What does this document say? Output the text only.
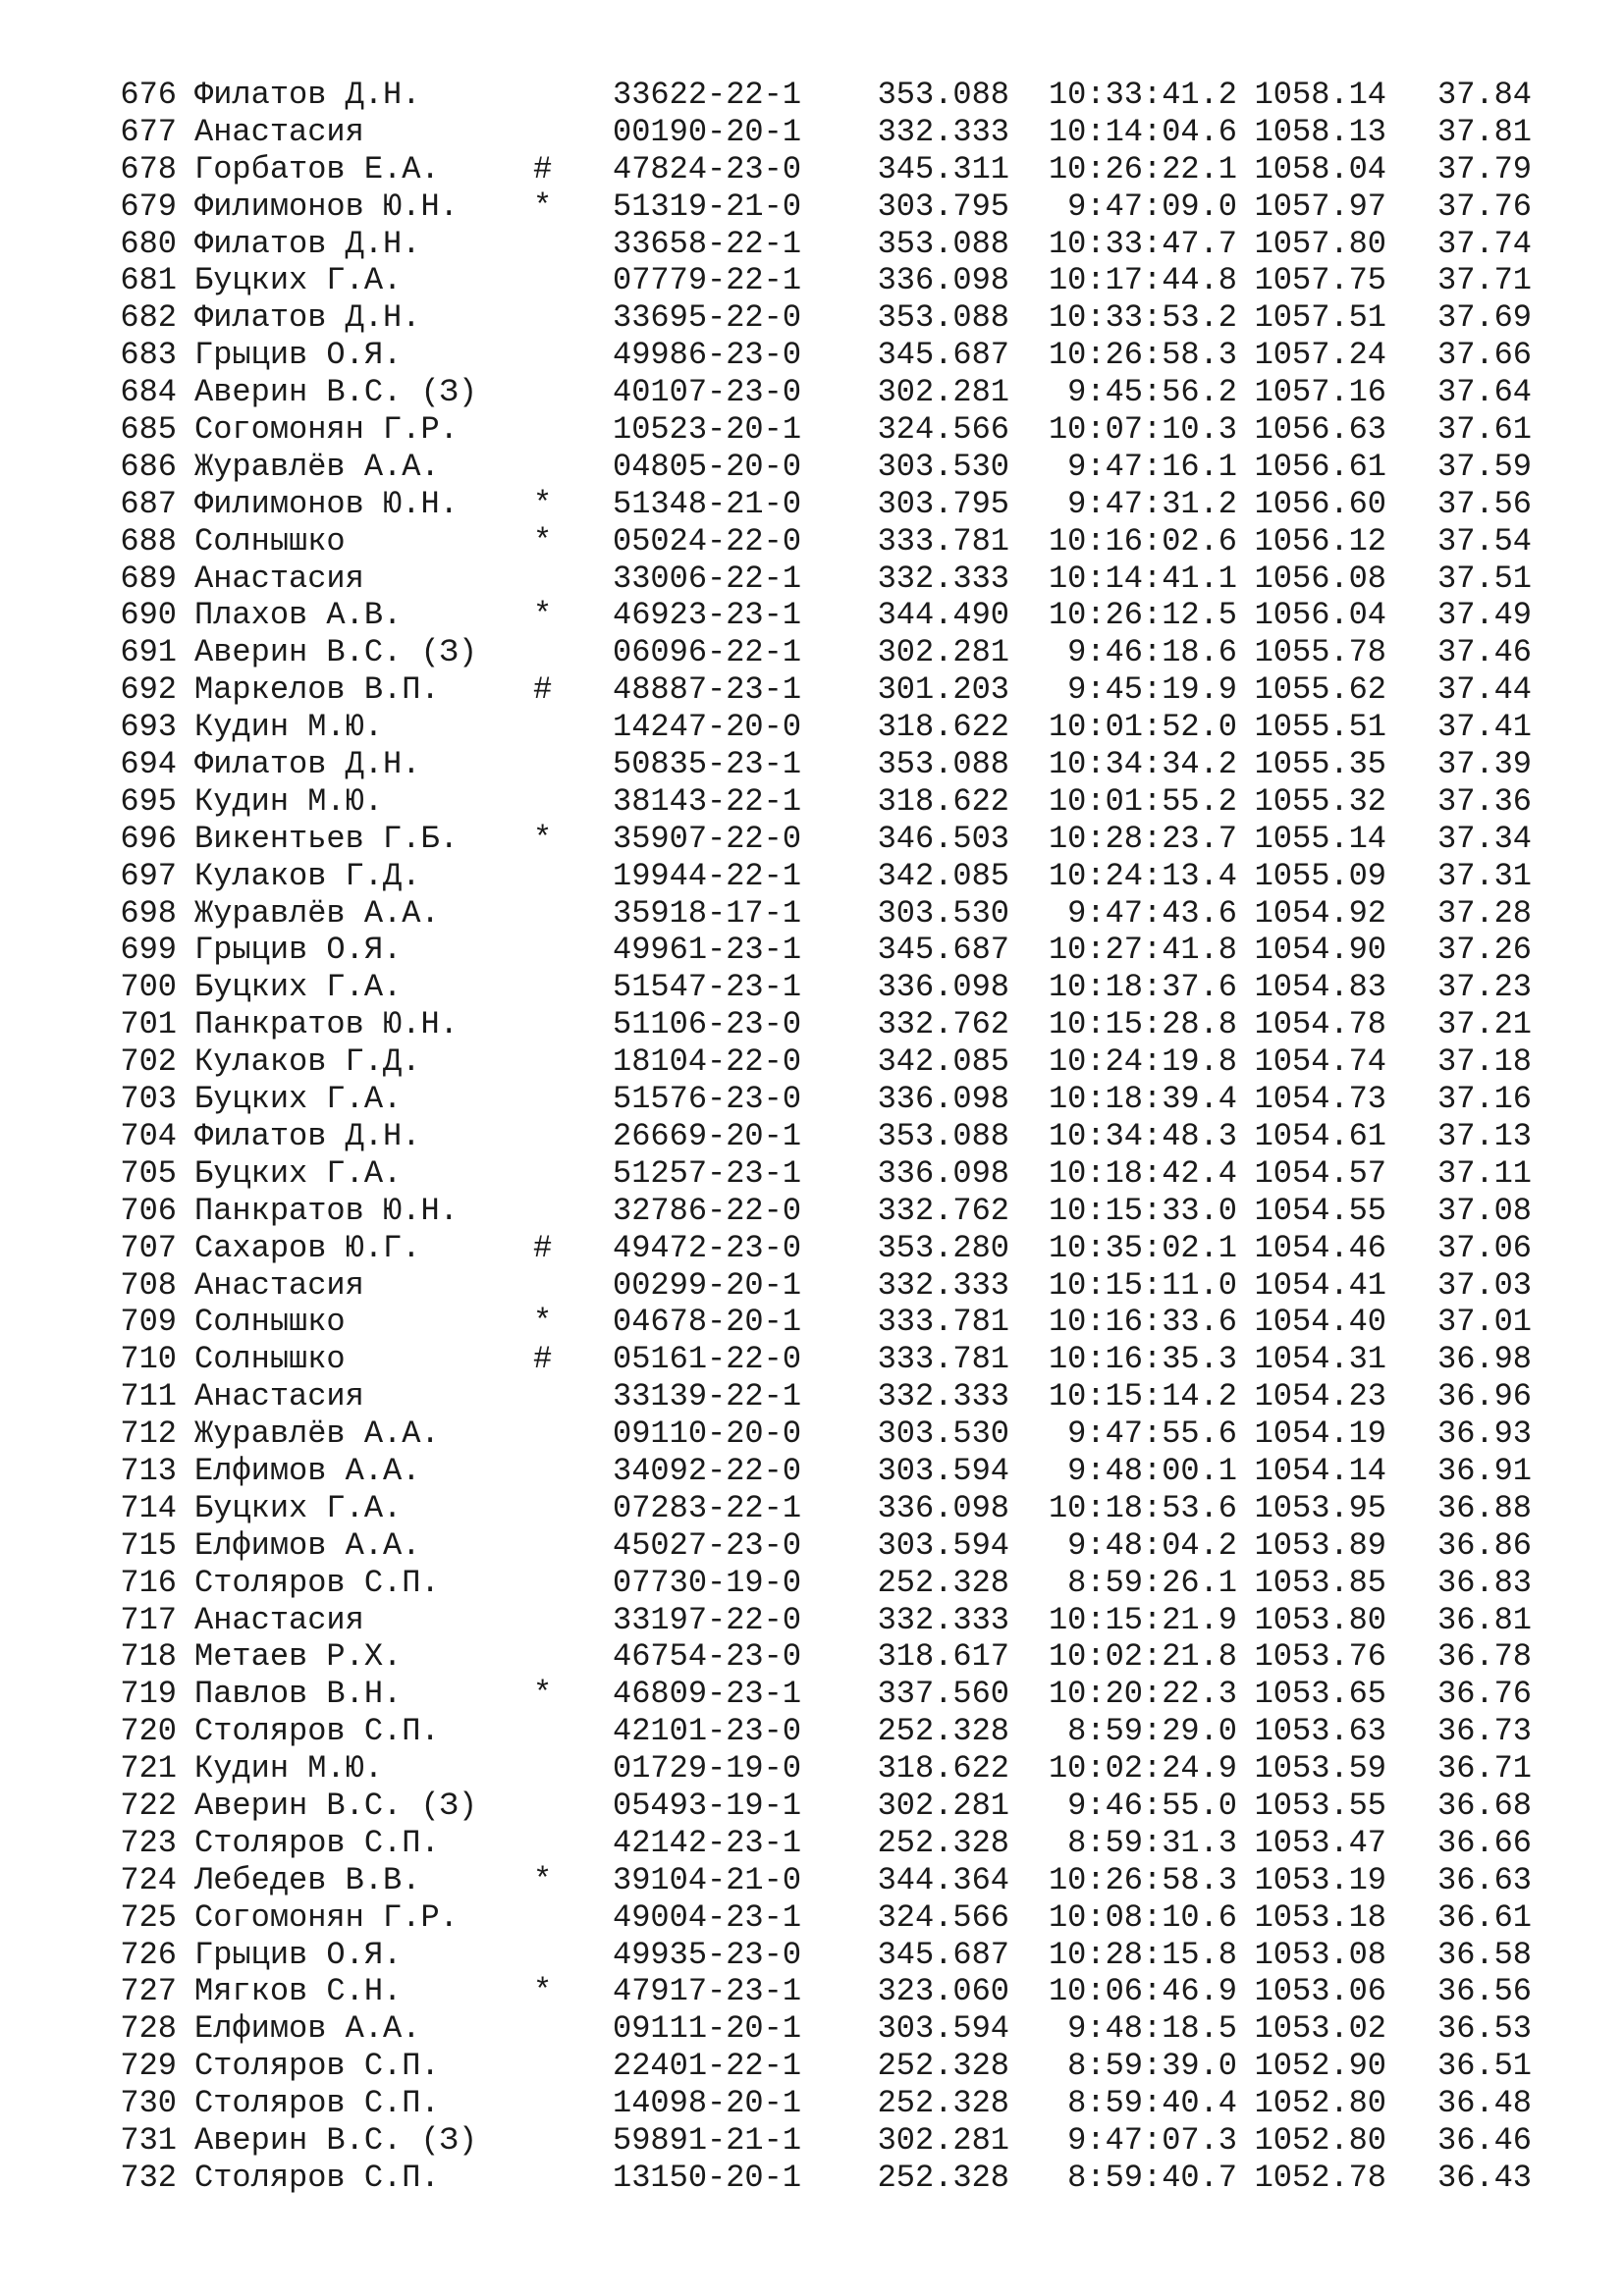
676 Филатов Д.Н.	33622-22-1 353.088	10:33:41.2 1058.14	37.84
677 Анастасия	00190-20-1 332.333	10:14:04.6 1058.13	37.81
678 Горбатов Е.А.	# 47824-23-0 345.311	10:26:22.1 1058.04	37.79
679 Филимонов Ю.Н. * 51319-21-0 303.795	9:47:09.0 1057.97	37.76
680 Филатов Д.Н.	33658-22-1 353.088	10:33:47.7 1057.80	37.74
681 Буцких Г.А.	07779-22-1 336.098	10:17:44.8 1057.75	37.71
682 Филатов Д.Н.	33695-22-0 353.088	10:33:53.2 1057.51	37.69
683 Грыцив О.Я.	49986-23-0 345.687	10:26:58.3 1057.24	37.66
684 Аверин В.С. (З)	40107-23-0 302.281	9:45:56.2 1057.16	37.64
685 Согомонян Г.Р.	10523-20-1 324.566	10:07:10.3 1056.63	37.61
686 Журавлёв А.А.	04805-20-0 303.530	9:47:16.1 1056.61	37.59
687 Филимонов Ю.Н. * 51348-21-0 303.795	9:47:31.2 1056.60	37.56
688 Солнышко	* 05024-22-0 333.781	10:16:02.6 1056.12	37.54
689 Анастасия	33006-22-1 332.333	10:14:41.1 1056.08	37.51
690 Плахов А.В.	* 46923-23-1 344.490	10:26:12.5 1056.04	37.49
691 Аверин В.С. (З)	06096-22-1 302.281	9:46:18.6 1055.78	37.46
692 Маркелов В.П.	# 48887-23-1 301.203	9:45:19.9 1055.62	37.44
693 Кудин М.Ю.	14247-20-0 318.622	10:01:52.0 1055.51	37.41
694 Филатов Д.Н.	50835-23-1 353.088	10:34:34.2 1055.35	37.39
695 Кудин М.Ю.	38143-22-1 318.622	10:01:55.2 1055.32	37.36
696 Викентьев Г.Б. * 35907-22-0 346.503	10:28:23.7 1055.14	37.34
697 Кулаков Г.Д.	19944-22-1 342.085	10:24:13.4 1055.09	37.31
698 Журавлёв А.А.	35918-17-1 303.530	9:47:43.6 1054.92	37.28
699 Грыцив О.Я.	49961-23-1 345.687	10:27:41.8 1054.90	37.26
700 Буцких Г.А.	51547-23-1 336.098	10:18:37.6 1054.83	37.23
701 Панкратов Ю.Н.	51106-23-0 332.762	10:15:28.8 1054.78	37.21
702 Кулаков Г.Д.	18104-22-0 342.085	10:24:19.8 1054.74	37.18
703 Буцких Г.А.	51576-23-0 336.098	10:18:39.4 1054.73	37.16
704 Филатов Д.Н.	26669-20-1 353.088	10:34:48.3 1054.61	37.13
705 Буцких Г.А.	51257-23-1 336.098	10:18:42.4 1054.57	37.11
706 Панкратов Ю.Н.	32786-22-0 332.762	10:15:33.0 1054.55	37.08
707 Сахаров Ю.Г.	# 49472-23-0 353.280	10:35:02.1 1054.46	37.06
708 Анастасия	00299-20-1 332.333	10:15:11.0 1054.41	37.03
709 Солнышко	* 04678-20-1 333.781	10:16:33.6 1054.40	37.01
710 Солнышко	# 05161-22-0 333.781	10:16:35.3 1054.31	36.98
711 Анастасия	33139-22-1 332.333	10:15:14.2 1054.23	36.96
712 Журавлёв А.А.	09110-20-0 303.530	9:47:55.6 1054.19	36.93
713 Елфимов А.А.	34092-22-0 303.594	9:48:00.1 1054.14	36.91
714 Буцких Г.А.	07283-22-1 336.098	10:18:53.6 1053.95	36.88
715 Елфимов А.А.	45027-23-0 303.594	9:48:04.2 1053.89	36.86
716 Столяров С.П.	07730-19-0 252.328	8:59:26.1 1053.85	36.83
717 Анастасия	33197-22-0 332.333	10:15:21.9 1053.80	36.81
718 Метаев Р.Х.	46754-23-0 318.617	10:02:21.8 1053.76	36.78
719 Павлов В.Н.	* 46809-23-1 337.560	10:20:22.3 1053.65	36.76
720 Столяров С.П.	42101-23-0 252.328	8:59:29.0 1053.63	36.73
721 Кудин М.Ю.	01729-19-0 318.622	10:02:24.9 1053.59	36.71
722 Аверин В.С. (З)	05493-19-1 302.281	9:46:55.0 1053.55	36.68
723 Столяров С.П.	42142-23-1 252.328	8:59:31.3 1053.47	36.66
724 Лебедев В.В.	* 39104-21-0 344.364	10:26:58.3 1053.19	36.63
725 Согомонян Г.Р.	49004-23-1 324.566	10:08:10.6 1053.18	36.61
726 Грыцив О.Я.	49935-23-0 345.687	10:28:15.8 1053.08	36.58
727 Мягков С.Н.	* 47917-23-1 323.060	10:06:46.9 1053.06	36.56
728 Елфимов А.А.	09111-20-1 303.594	9:48:18.5 1053.02	36.53
729 Столяров С.П.	22401-22-1 252.328	8:59:39.0 1052.90	36.51
730 Столяров С.П.	14098-20-1 252.328	8:59:40.4 1052.80	36.48
731 Аверин В.С. (З)	59891-21-1 302.281	9:47:07.3 1052.80	36.46
732 Столяров С.П.	13150-20-1 252.328	8:59:40.7 1052.78	36.43
